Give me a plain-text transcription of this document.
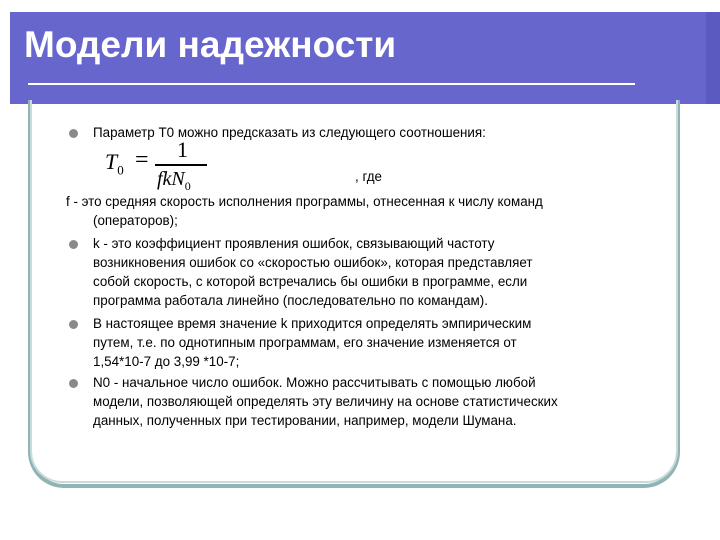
Модели надежности
Параметр Т0 можно предсказать из следующего соотношения:
$T_0 = 1$
fkN$_0$
, где
f - это средняя скорость исполнения программы, отнесенная к числу команд
(операторов);
k - это коэффициент проявления ошибок, связывающий частоту
возникновения ошибок со «скоростью ошибок», которая представляет
собой скорость, с которой встречались бы ошибки в программе, если
программа работала линейно (последовательно по командам).
В настоящее время значение k приходится определять эмпирическим
путем, т.е. по однотипным программам, его значение изменяется от
1,54*10-7 до 3,99 *10-7;
N0 - начальное число ошибок. Можно рассчитывать с помощью любой
модели, позволяющей определять эту величину на основе статистических
данных, полученных при тестировании, например, модели Шумана.
